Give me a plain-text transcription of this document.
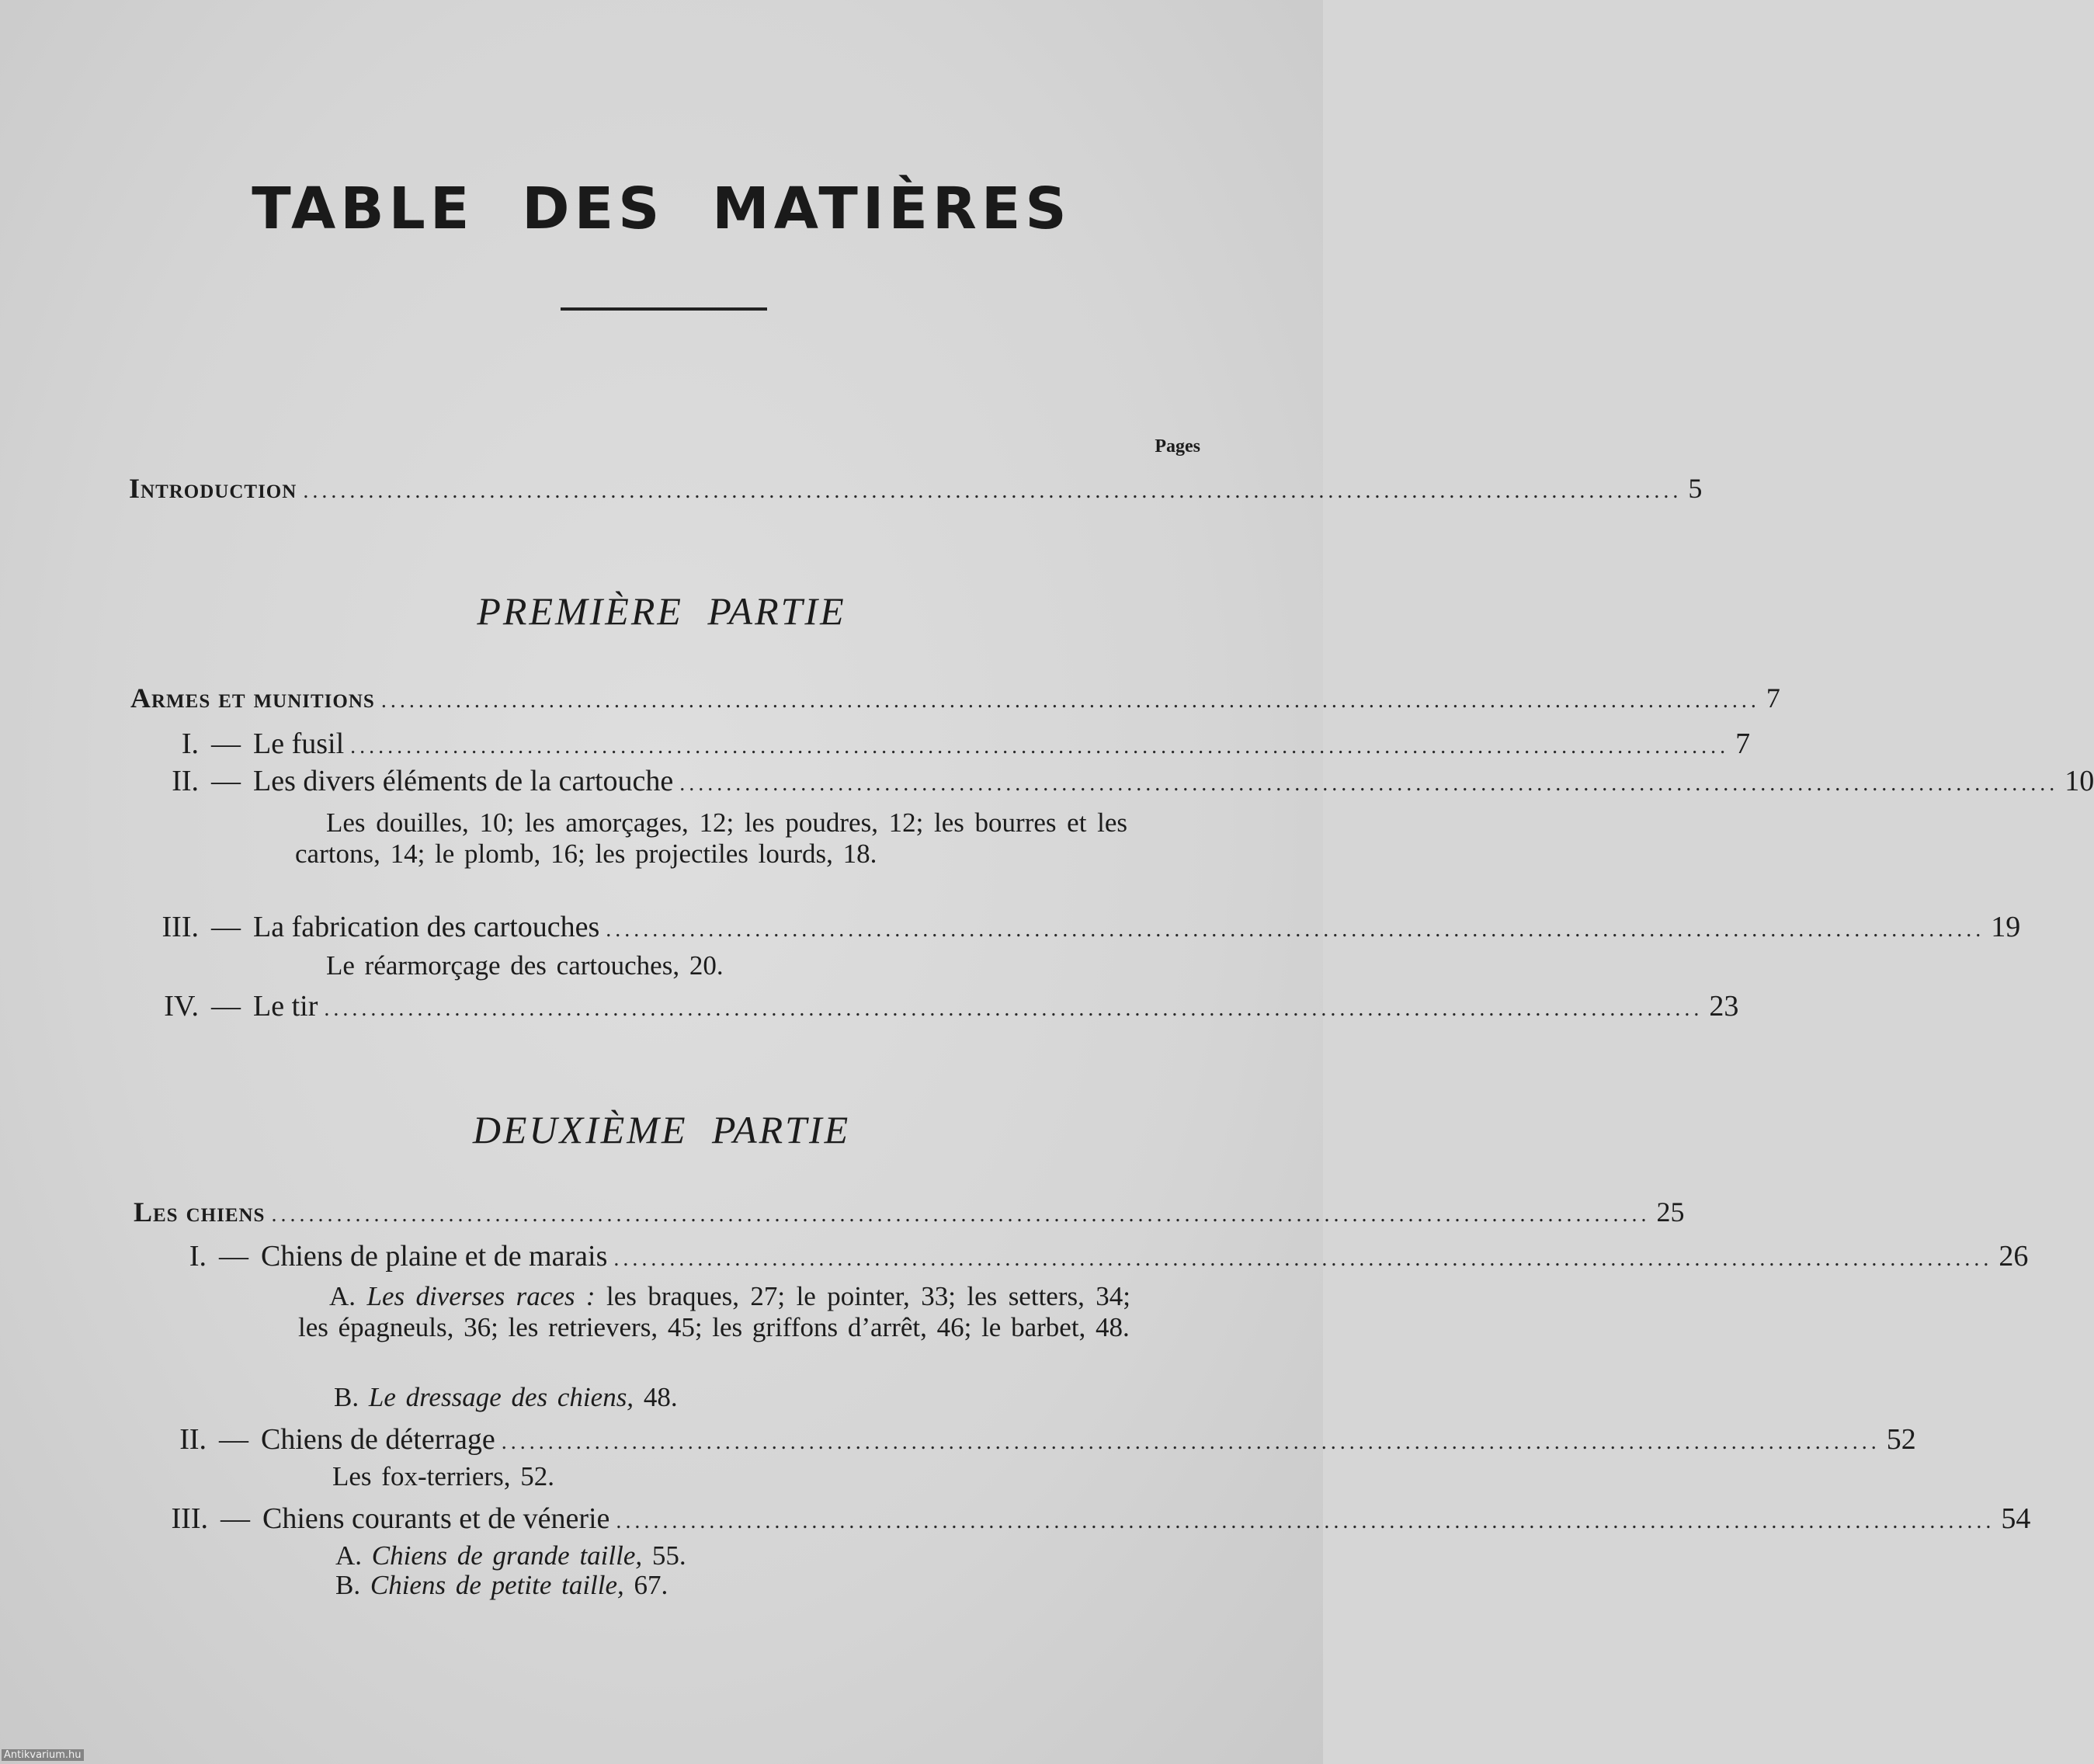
TABLE DES MATIÈRES
Pages
Introduction .................................................................................................................................................... 5
PREMIÈRE PARTIE
Armes et munitions .................................................................................................................................................... 7
I. — Le fusil .................................................................................................................................................... 7
II. — Les divers éléments de la cartouche .................................................................................................................................................... 10
Les douilles, 10; les amorçages, 12; les poudres, 12; les bourres et les cartons, 14; le plomb, 16; les projectiles lourds, 18.
III. — La fabrication des cartouches .................................................................................................................................................... 19
Le réarmorçage des cartouches, 20.
IV. — Le tir .................................................................................................................................................... 23
DEUXIÈME PARTIE
Les chiens .................................................................................................................................................... 25
I. — Chiens de plaine et de marais .................................................................................................................................................... 26
A. Les diverses races : les braques, 27; le pointer, 33; les setters, 34; les épagneuls, 36; les retrievers, 45; les griffons d’arrêt, 46; le barbet, 48.
B. Le dressage des chiens, 48.
II. — Chiens de déterrage .................................................................................................................................................... 52
Les fox-terriers, 52.
III. — Chiens courants et de vénerie .................................................................................................................................................... 54
A. Chiens de grande taille, 55.
B. Chiens de petite taille, 67.
Antikvarium.hu
